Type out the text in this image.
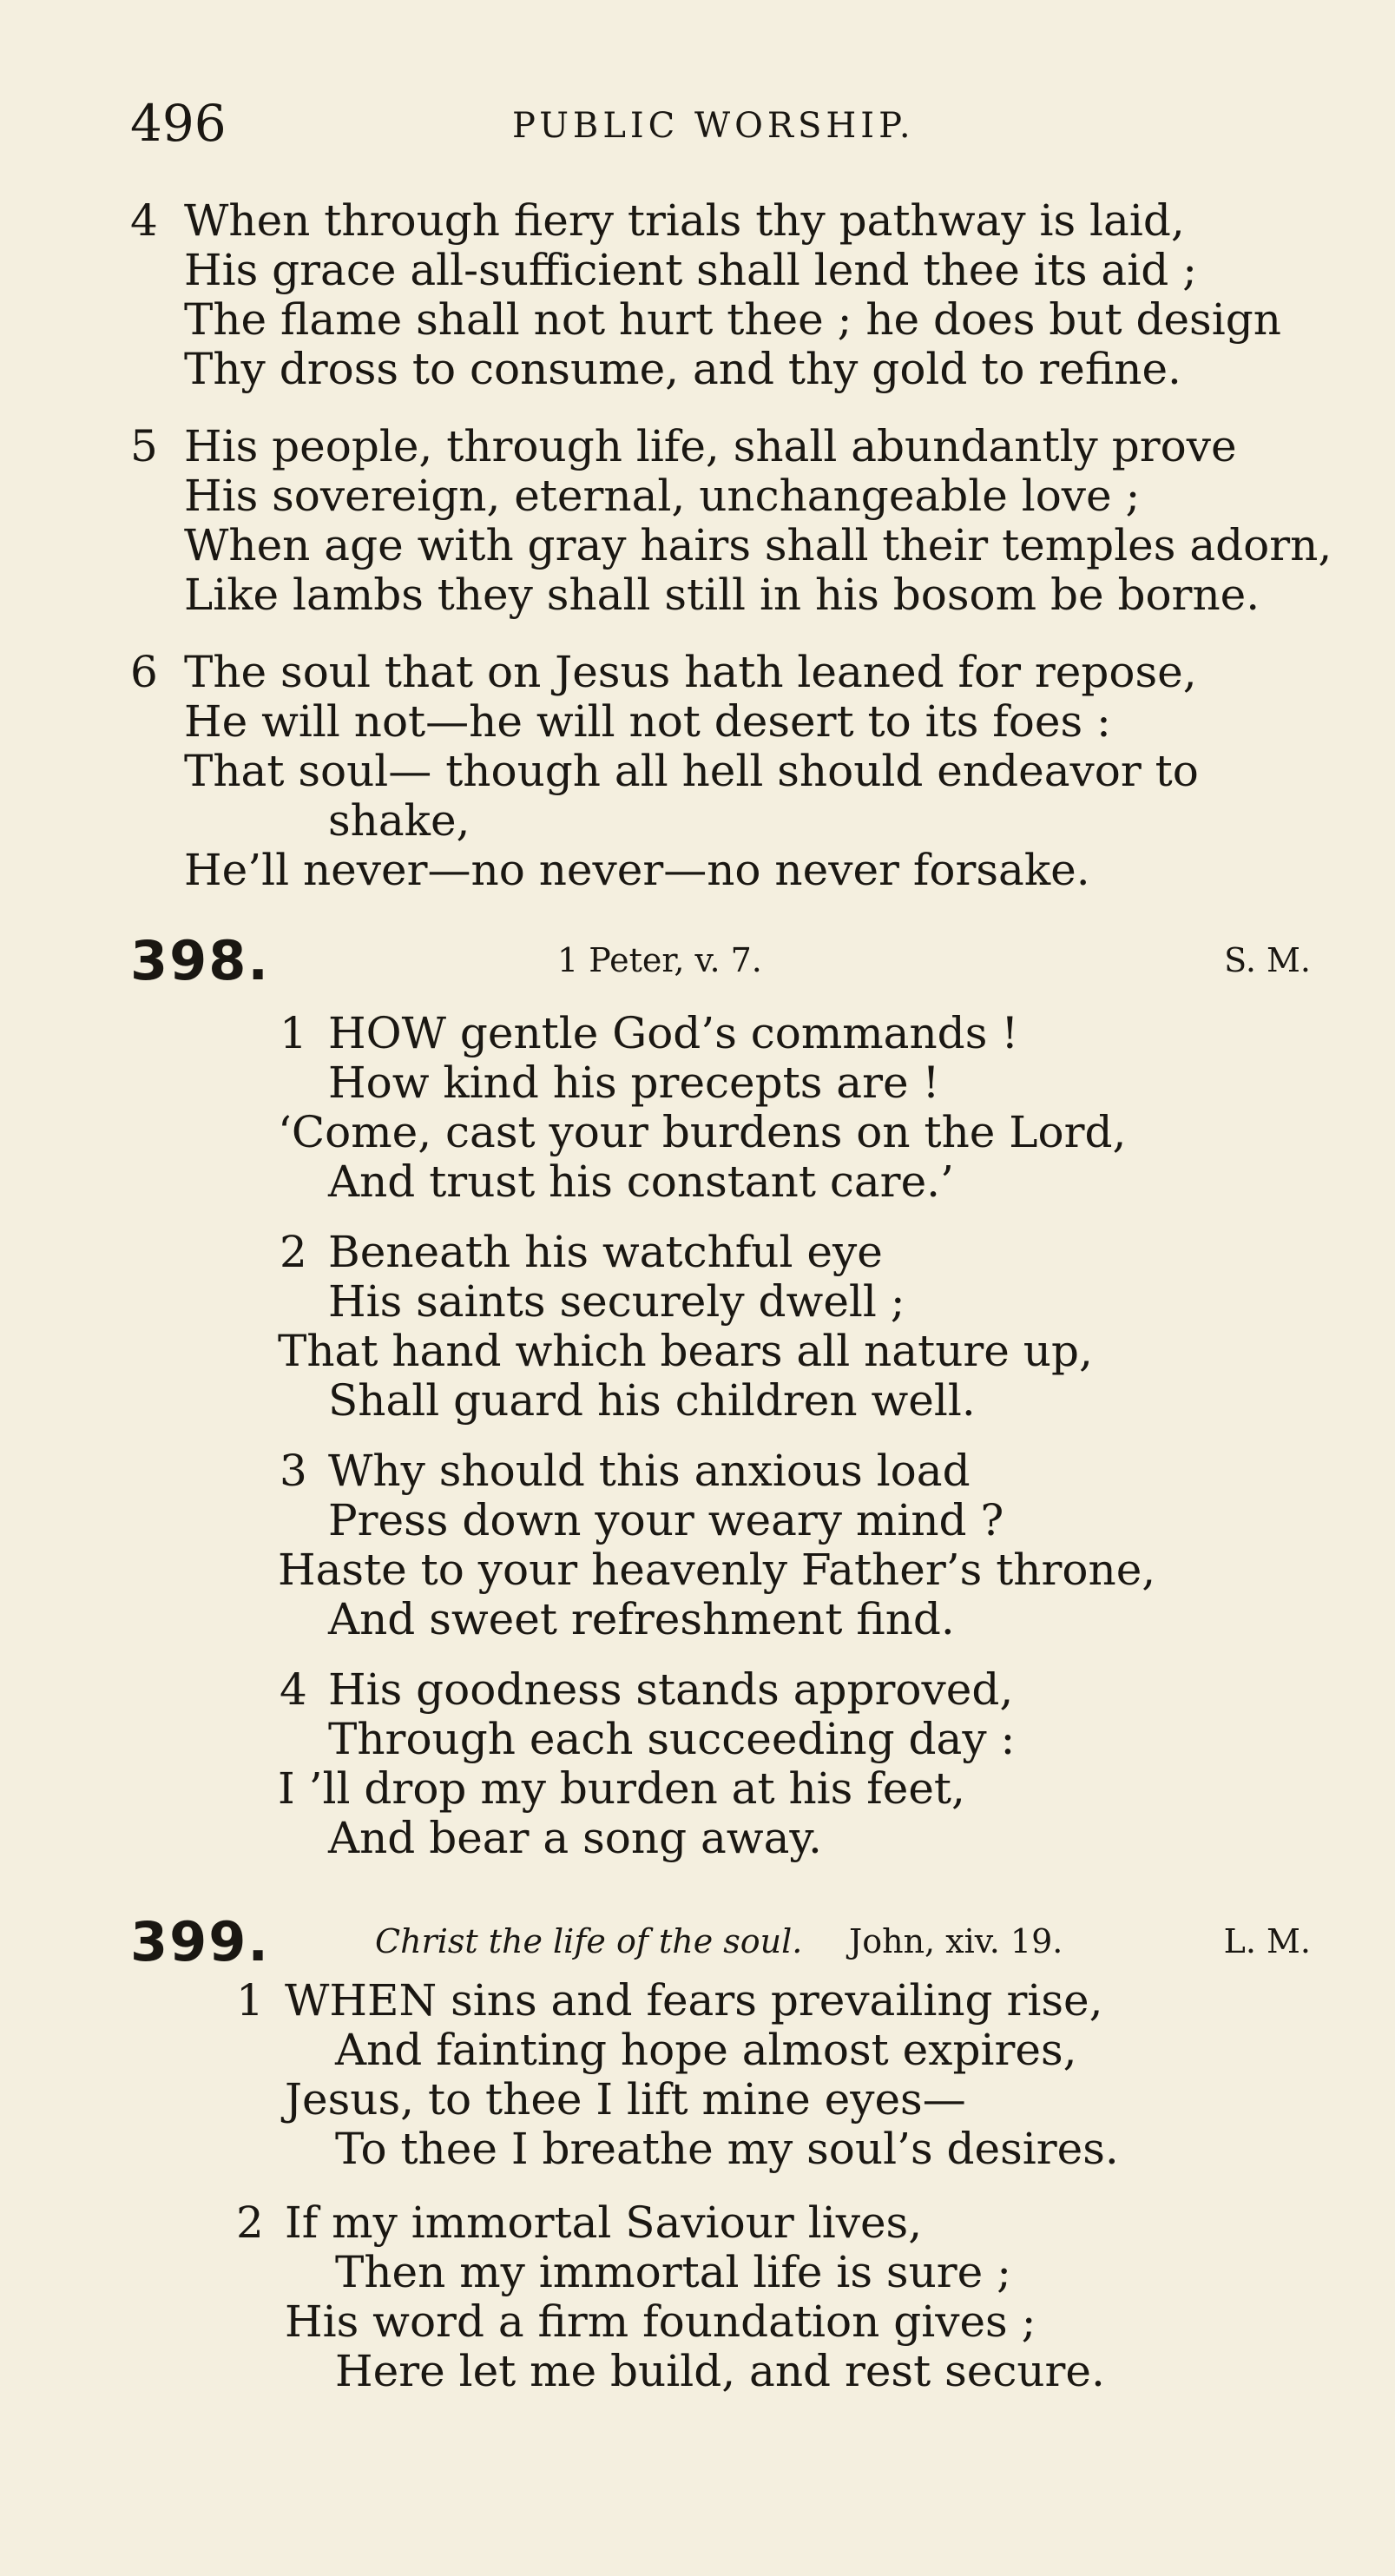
496	PUBLIC WORSHIP.
4 When through fiery trials thy pathway is laid,
His grace all-sufficient shall lend thee its aid ;
The flame shall not hurt thee ; he does but design
Thy dross to consume, and thy gold to refine.
5 His people, through life, shall abundantly prove
His sovereign, eternal, unchangeable love ;
When age with gray hairs shall their temples adorn,
Like lambs they shall still in his bosom be borne.
6 The soul that on Jesus hath leaned for repose,
He will not—he will not desert to its foes :
That soul— though all hell should endeavor to
shake,
He’ll never—no never—no never forsake.
398.	1 Peter, v. 7.	S. M.
1 HOW gentle God’s commands !
How kind his precepts are !
‘Come, cast your burdens on the Lord,
And trust his constant care.’
2 Beneath his watchful eye
His saints securely dwell ;
That hand which bears all nature up,
Shall guard his children well.
3 Why should this anxious load
Press down your weary mind ?
Haste to your heavenly Father’s throne,
And sweet refreshment find.
4 His goodness stands approved,
Through each succeeding day :
I ’ll drop my burden at his feet,
And bear a song away.
399.	Christ the life of the soul. John, xiv. 19.	L. M.
1 WHEN sins and fears prevailing rise,
And fainting hope almost expires,
Jesus, to thee I lift mine eyes—
To thee I breathe my soul’s desires.
2 If my immortal Saviour lives,
Then my immortal life is sure ;
His word a firm foundation gives ;
Here let me build, and rest secure.
